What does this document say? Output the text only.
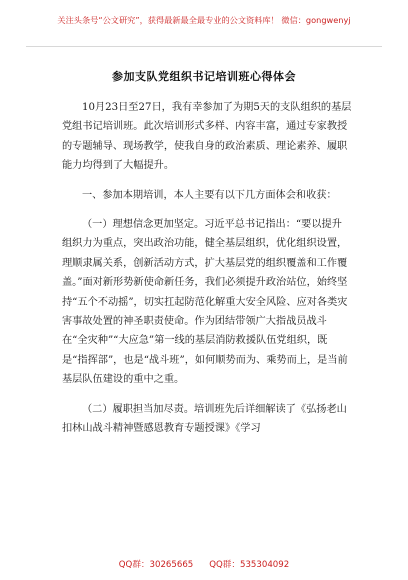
关注头条号“公文研究”，获得最新最全最专业的公文资料库！ 微信：gongwenyj
参加支队党组织书记培训班心得体会

10月23日至27日，我有幸参加了为期5天的支队组织的基层党组书记培训班。此次培训形式多样、内容丰富，通过专家教授的专题辅导、现场教学，使我自身的政治素质、理论素养、履职能力均得到了大幅提升。

一、参加本期培训，本人主要有以下几方面体会和收获：

（一）理想信念更加坚定。习近平总书记指出：“要以提升组织力为重点，突出政治功能，健全基层组织，优化组织设置，理顺隶属关系，创新活动方式，扩大基层党的组织覆盖和工作覆盖。”面对新形势新使命新任务，我们必须提升政治站位，始终坚持“五个不动摇”，切实扛起防范化解重大安全风险、应对各类灾害事故处置的神圣职责使命。作为团结带领广大指战员战斗在“全灾种”“大应急”第一线的基层消防救援队伍党组织，既是“指挥部”，也是“战斗班”，如何顺势而为、乘势而上，是当前基层队伍建设的重中之重。

（二）履职担当加尽责。培训班先后详细解读了《弘扬老山扣林山战斗精神暨感恩教育专题授课》《学习

QQ群：30265665 QQ群：535304092
